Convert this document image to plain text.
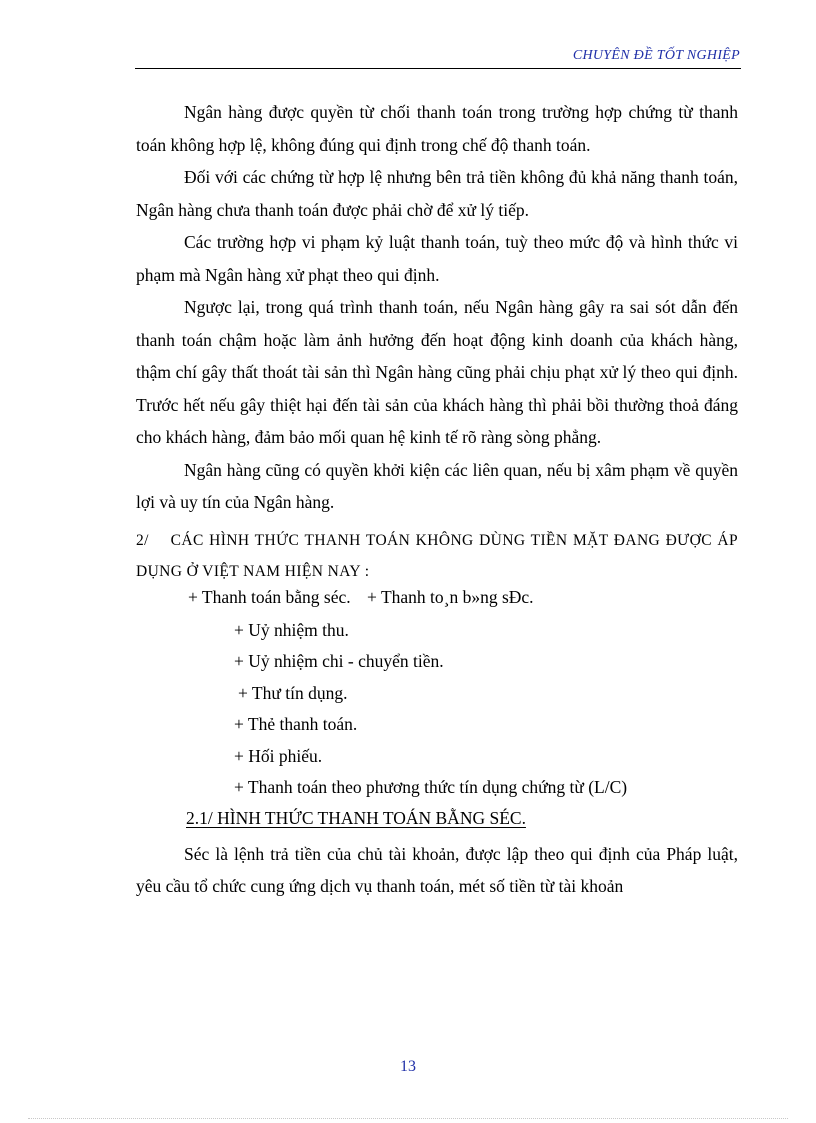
CHUYÊN ĐỀ TỐT NGHIỆP

Ngân hàng được quyền từ chối thanh toán trong trường hợp chứng từ thanh toán không hợp lệ, không đúng qui định trong chế độ thanh toán.

Đối với các chứng từ hợp lệ nhưng bên trả tiền không đủ khả năng thanh toán, Ngân hàng chưa thanh toán được phải chờ để xử lý tiếp.

Các trường hợp vi phạm kỷ luật thanh toán, tuỳ theo mức độ và hình thức vi phạm mà Ngân hàng xử phạt theo qui định.

Ngược lại, trong quá trình thanh toán, nếu Ngân hàng gây ra sai sót dẫn đến thanh toán chậm hoặc làm ảnh hưởng đến hoạt động kinh doanh của khách hàng, thậm chí gây thất thoát tài sản thì Ngân hàng cũng phải chịu phạt xử lý theo qui định. Trước hết nếu gây thiệt hại đến tài sản của khách hàng thì phải bồi thường thoả đáng cho khách hàng, đảm bảo mối quan hệ kinh tế rõ ràng sòng phẳng.

Ngân hàng cũng có quyền khởi kiện các liên quan, nếu bị xâm phạm về quyền lợi và uy tín của Ngân hàng.

2/    CÁC HÌNH THỨC THANH TOÁN KHÔNG DÙNG TIỀN MẶT ĐANG ĐƯỢC ÁP DỤNG Ở VIỆT NAM HIỆN NAY :

+ Thanh toán bằng séc. + Thanh to¸n b»ng sÐc.
+ Uỷ nhiệm thu.
+ Uỷ nhiệm chi - chuyển tiền.
+ Thư tín dụng.
+ Thẻ thanh toán.
+ Hối phiếu.
+ Thanh toán theo phương thức tín dụng chứng từ (L/C)
2.1/ HÌNH THỨC THANH TOÁN BẰNG SÉC.

Séc là lệnh trả tiền của chủ tài khoản, được lập theo qui định của Pháp luật, yêu cầu tổ chức cung ứng dịch vụ thanh toán, mét số tiền từ tài khoản

13
